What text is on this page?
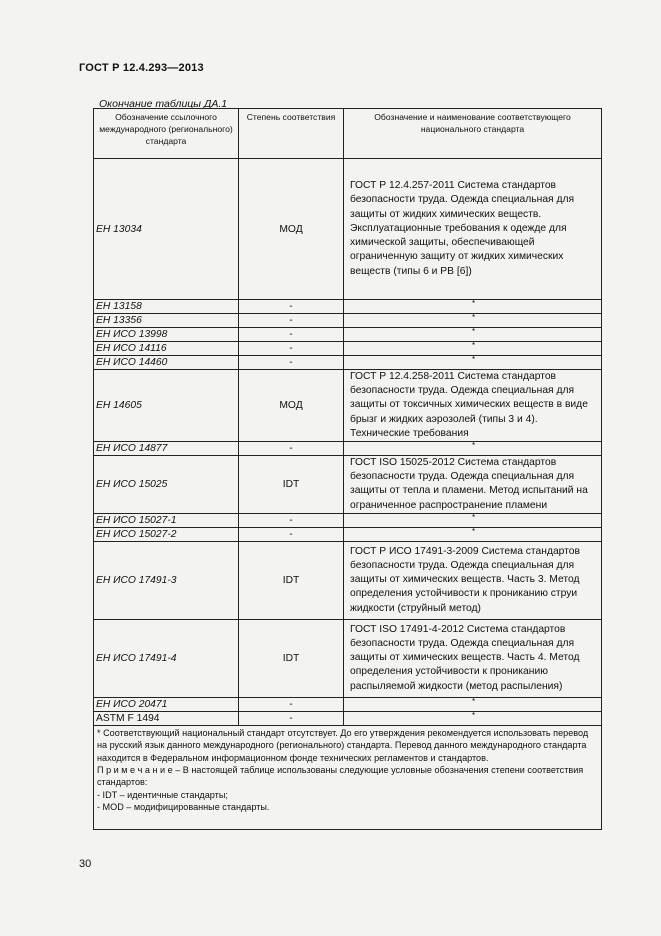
ГОСТ Р 12.4.293—2013
Окончание таблицы ДА.1
Обозначение ссылочного международного (регионального) стандарта	Степень соответствия	Обозначение и наименование соответствующего национального стандарта
ЕН 13034	МОД	ГОСТ Р 12.4.257-2011 Система стандартов безопасности труда. Одежда специальная для защиты от жидких химических веществ. Эксплуатационные требования к одежде для химической защиты, обеспечивающей ограниченную защиту от жидких химических веществ (типы 6 и PB [6])
ЕН 13158	-	*
ЕН 13356	-	*
ЕН ИСО 13998	-	*
ЕН ИСО 14116	-	*
ЕН ИСО 14460	-	*
ЕН 14605	МОД	ГОСТ Р 12.4.258-2011 Система стандартов безопасности труда. Одежда специальная для защиты от токсичных химических веществ в виде брызг и жидких аэрозолей (типы 3 и 4). Технические требования
ЕН ИСО 14877	-	*
ЕН ИСО 15025	IDT	ГОСТ ISO 15025-2012 Система стандартов безопасности труда. Одежда специальная для защиты от тепла и пламени. Метод испытаний на ограниченное распространение пламени
ЕН ИСО 15027-1	-	*
ЕН ИСО 15027-2	-	*
ЕН ИСО 17491-3	IDT	ГОСТ Р ИСО 17491-3-2009 Система стандартов безопасности труда. Одежда специальная для защиты от химических веществ. Часть 3. Метод определения устойчивости к прониканию струи жидкости (струйный метод)
ЕН ИСО 17491-4	IDT	ГОСТ ISO 17491-4-2012 Система стандартов безопасности труда. Одежда специальная для защиты от химических веществ. Часть 4. Метод определения устойчивости к прониканию распыляемой жидкости (метод распыления)
ЕН ИСО 20471	-	*
ASTM F 1494	-	*

* Соответствующий национальный стандарт отсутствует. До его утверждения рекомендуется использовать перевод на русский язык данного международного (регионального) стандарта. Перевод данного международного стандарта находится в Федеральном информационном фонде технических регламентов и стандартов.
П р и м е ч а н и е – В настоящей таблице использованы следующие условные обозначения степени соответствия стандартов:
- IDT – идентичные стандарты;
- MOD – модифицированные стандарты.		
30
